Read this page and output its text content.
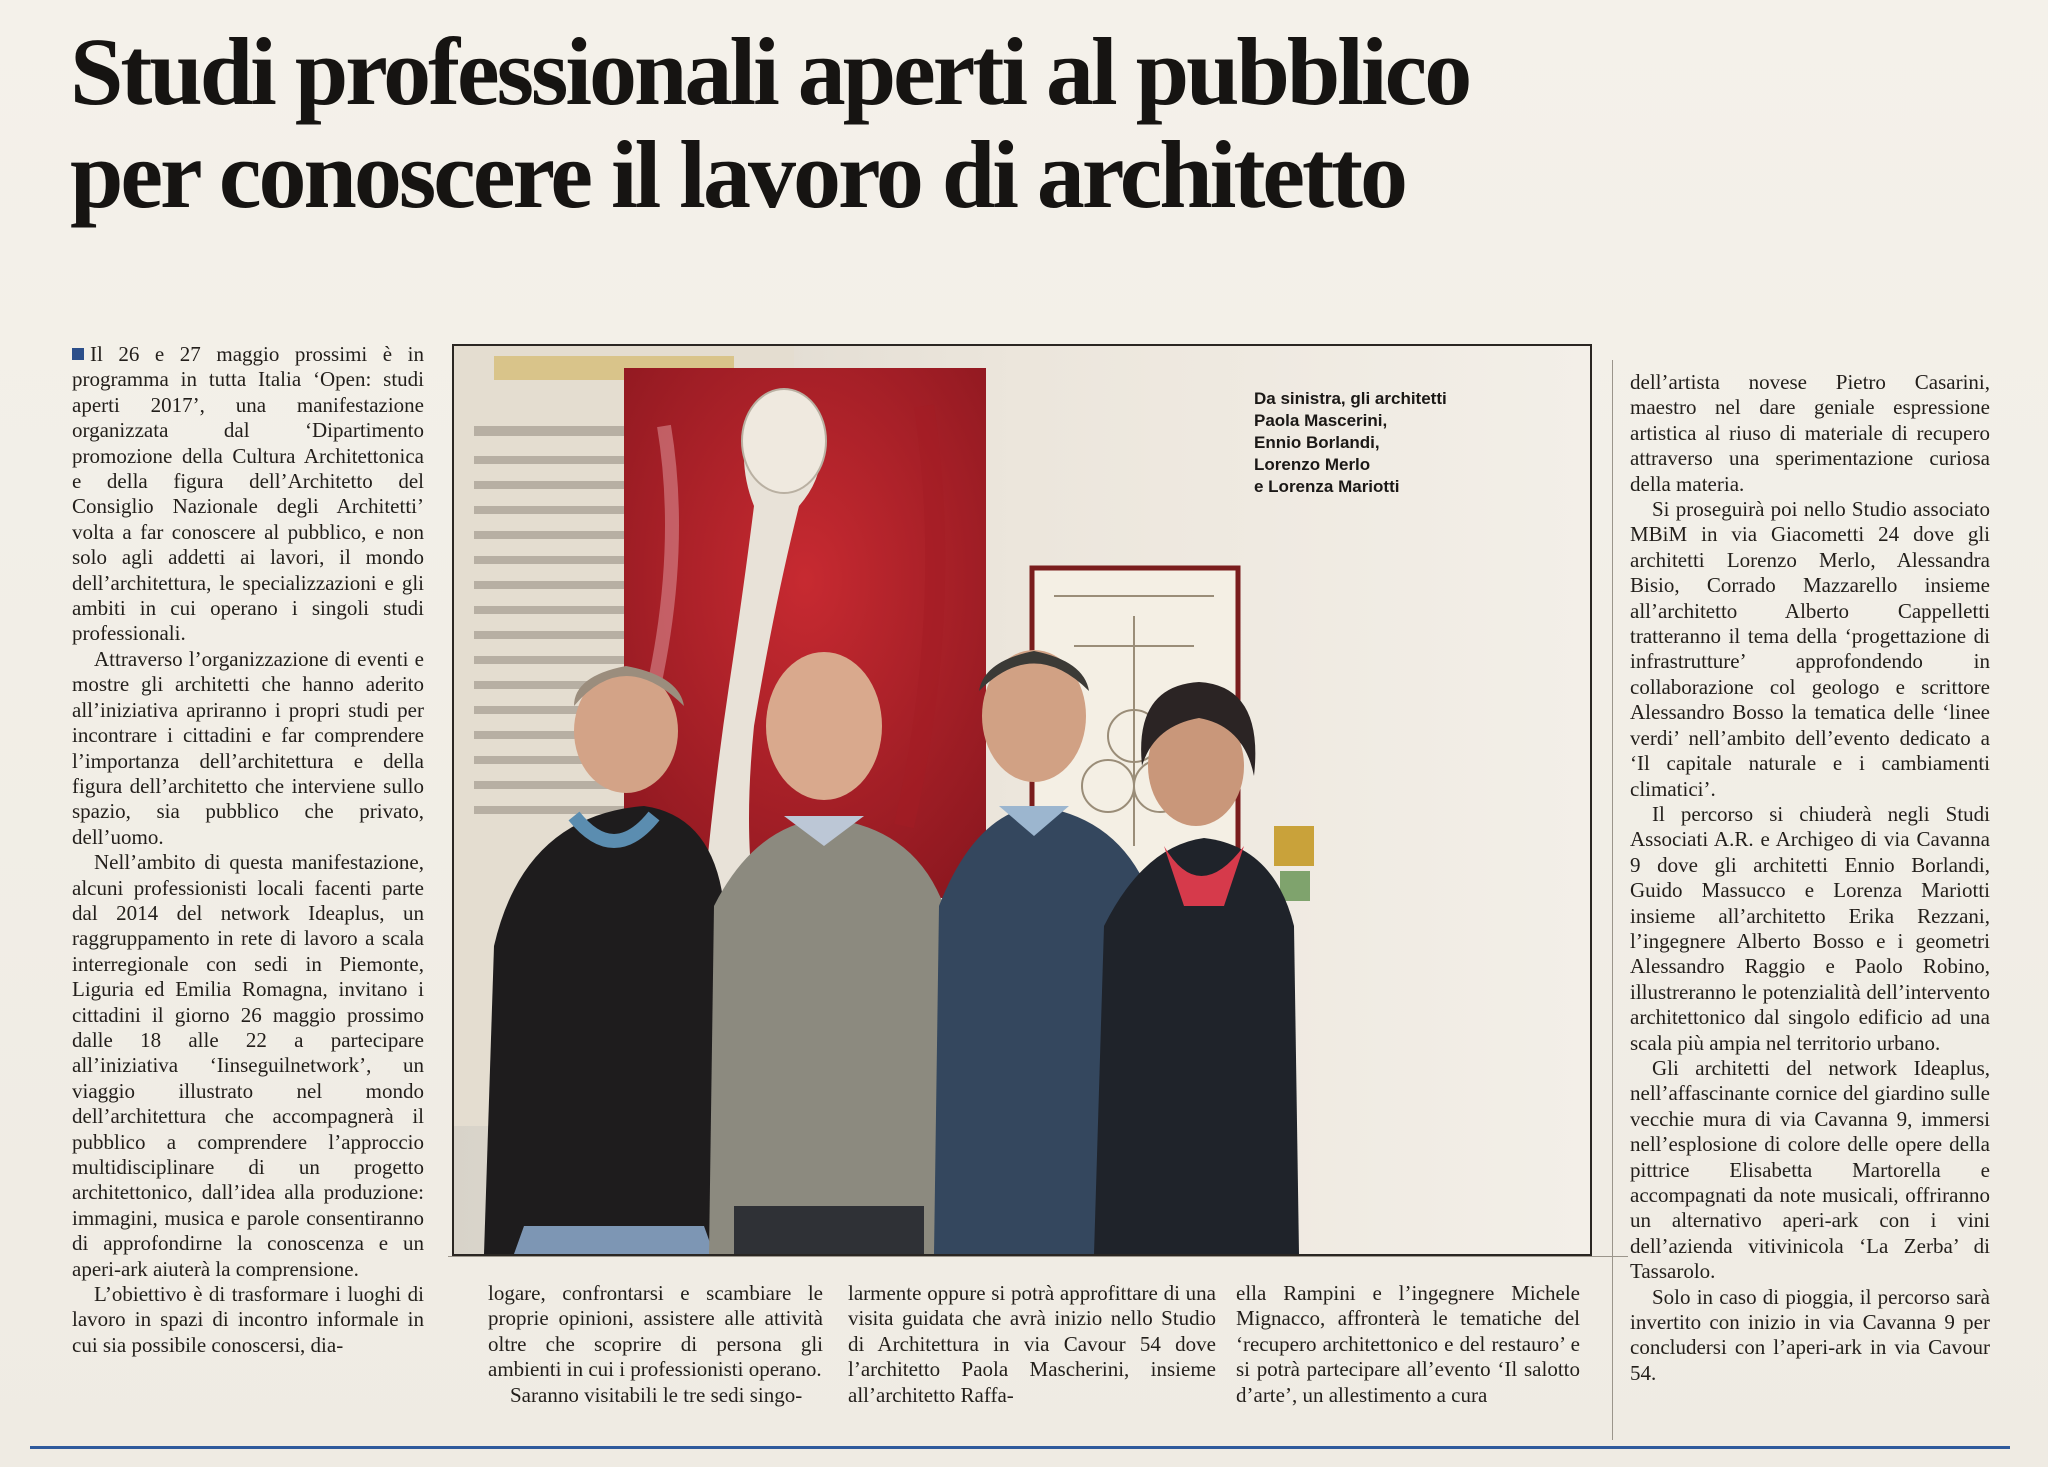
Studi professionali aperti al pubblico
per conoscere il lavoro di architetto

Il 26 e 27 maggio prossimi è in programma in tutta Italia ‘Open: studi aperti 2017’, una manifestazione organizzata dal ‘Dipartimento promozione della Cultura Architettonica e della figura dell’Architetto del Consiglio Nazionale degli Architetti’ volta a far conoscere al pubblico, e non solo agli addetti ai lavori, il mondo dell’architettura, le specializzazioni e gli ambiti in cui operano i singoli studi professionali.

Attraverso l’organizzazione di eventi e mostre gli architetti che hanno aderito all’iniziativa apriranno i propri studi per incontrare i cittadini e far comprendere l’importanza dell’architettura e della figura dell’architetto che interviene sullo spazio, sia pubblico che privato, dell’uomo.

Nell’ambito di questa manifestazione, alcuni professionisti locali facenti parte dal 2014 del network Ideaplus, un raggruppamento in rete di lavoro a scala interregionale con sedi in Piemonte, Liguria ed Emilia Romagna, invitano i cittadini il giorno 26 maggio prossimo dalle 18 alle 22 a partecipare all’iniziativa ‘Iinseguilnetwork’, un viaggio illustrato nel mondo dell’architettura che accompagnerà il pubblico a comprendere l’approccio multidisciplinare di un progetto architettonico, dall’idea alla produzione: immagini, musica e parole consentiranno di approfondirne la conoscenza e un aperi-ark aiuterà la comprensione.

L’obiettivo è di trasformare i luoghi di lavoro in spazi di incontro informale in cui sia possibile conoscersi, dia-

Da sinistra, gli architetti
Paola Mascerini,
Ennio Borlandi,
Lorenzo Merlo
e Lorenza Mariotti

logare, confrontarsi e scambiare le proprie opinioni, assistere alle attività oltre che scoprire di persona gli ambienti in cui i professionisti operano.

Saranno visitabili le tre sedi singo-

larmente oppure si potrà approfittare di una visita guidata che avrà inizio nello Studio di Architettura in via Cavour 54 dove l’architetto Paola Mascherini, insieme all’architetto Raffa-

ella Rampini e l’ingegnere Michele Mignacco, affronterà le tematiche del ‘recupero architettonico e del restauro’ e si potrà partecipare all’evento ‘Il salotto d’arte’, un allestimento a cura

dell’artista novese Pietro Casarini, maestro nel dare geniale espressione artistica al riuso di materiale di recupero attraverso una sperimentazione curiosa della materia.

Si proseguirà poi nello Studio associato MBiM in via Giacometti 24 dove gli architetti Lorenzo Merlo, Alessandra Bisio, Corrado Mazzarello insieme all’architetto Alberto Cappelletti tratteranno il tema della ‘progettazione di infrastrutture’ approfondendo in collaborazione col geologo e scrittore Alessandro Bosso la tematica delle ‘linee verdi’ nell’ambito dell’evento dedicato a ‘Il capitale naturale e i cambiamenti climatici’.

Il percorso si chiuderà negli Studi Associati A.R. e Archigeo di via Cavanna 9 dove gli architetti Ennio Borlandi, Guido Massucco e Lorenza Mariotti insieme all’architetto Erika Rezzani, l’ingegnere Alberto Bosso e i geometri Alessandro Raggio e Paolo Robino, illustreranno le potenzialità dell’intervento architettonico dal singolo edificio ad una scala più ampia nel territorio urbano.

Gli architetti del network Ideaplus, nell’affascinante cornice del giardino sulle vecchie mura di via Cavanna 9, immersi nell’esplosione di colore delle opere della pittrice Elisabetta Martorella e accompagnati da note musicali, offriranno un alternativo aperi-ark con i vini dell’azienda vitivinicola ‘La Zerba’ di Tassarolo.

Solo in caso di pioggia, il percorso sarà invertito con inizio in via Cavanna 9 per concludersi con l’aperi-ark in via Cavour 54.
